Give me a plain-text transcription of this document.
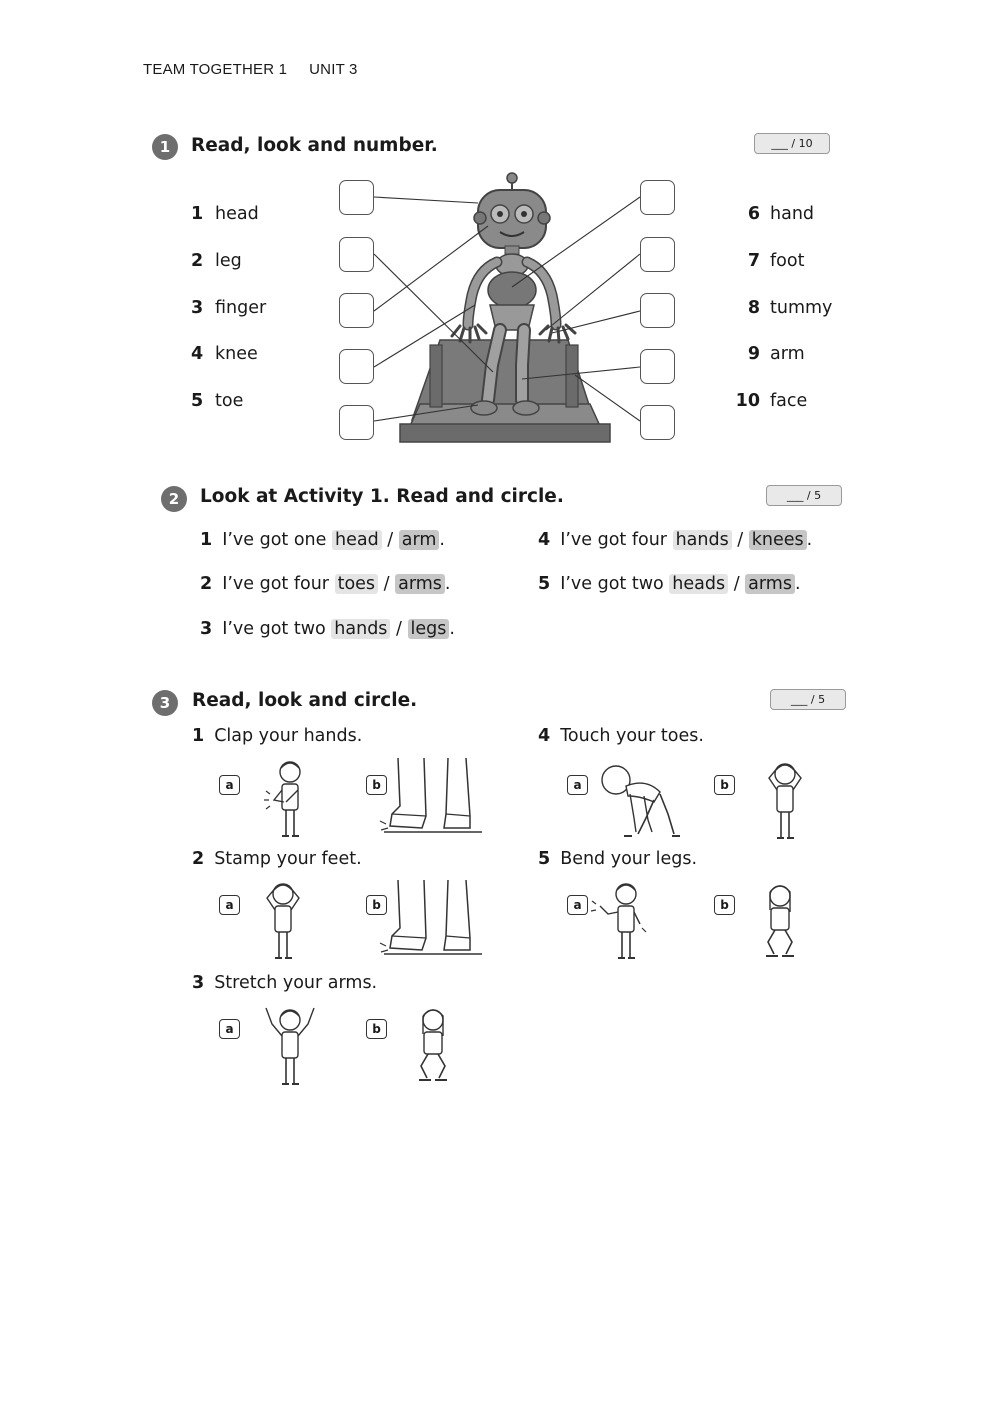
TEAM TOGETHER 1 UNIT 3
1	Read, look and number.	___ / 10
1 head
2 leg
3 finger
4 knee
5 toe
6 hand
7 foot
8 tummy
9 arm
10 face
2	Look at Activity 1. Read and circle.	___ / 5
1 I’ve got one head / arm .
2 I’ve got four toes / arms .
3 I’ve got two hands / legs .
4 I’ve got four hands / knees .
5 I’ve got two heads / arms .
3	Read, look and circle.	___ / 5
1 Clap your hands.
2 Stamp your feet.
3 Stretch your arms.
4 Touch your toes.
5 Bend your legs.
a	b
a	b
a	b
a	b
a	b
